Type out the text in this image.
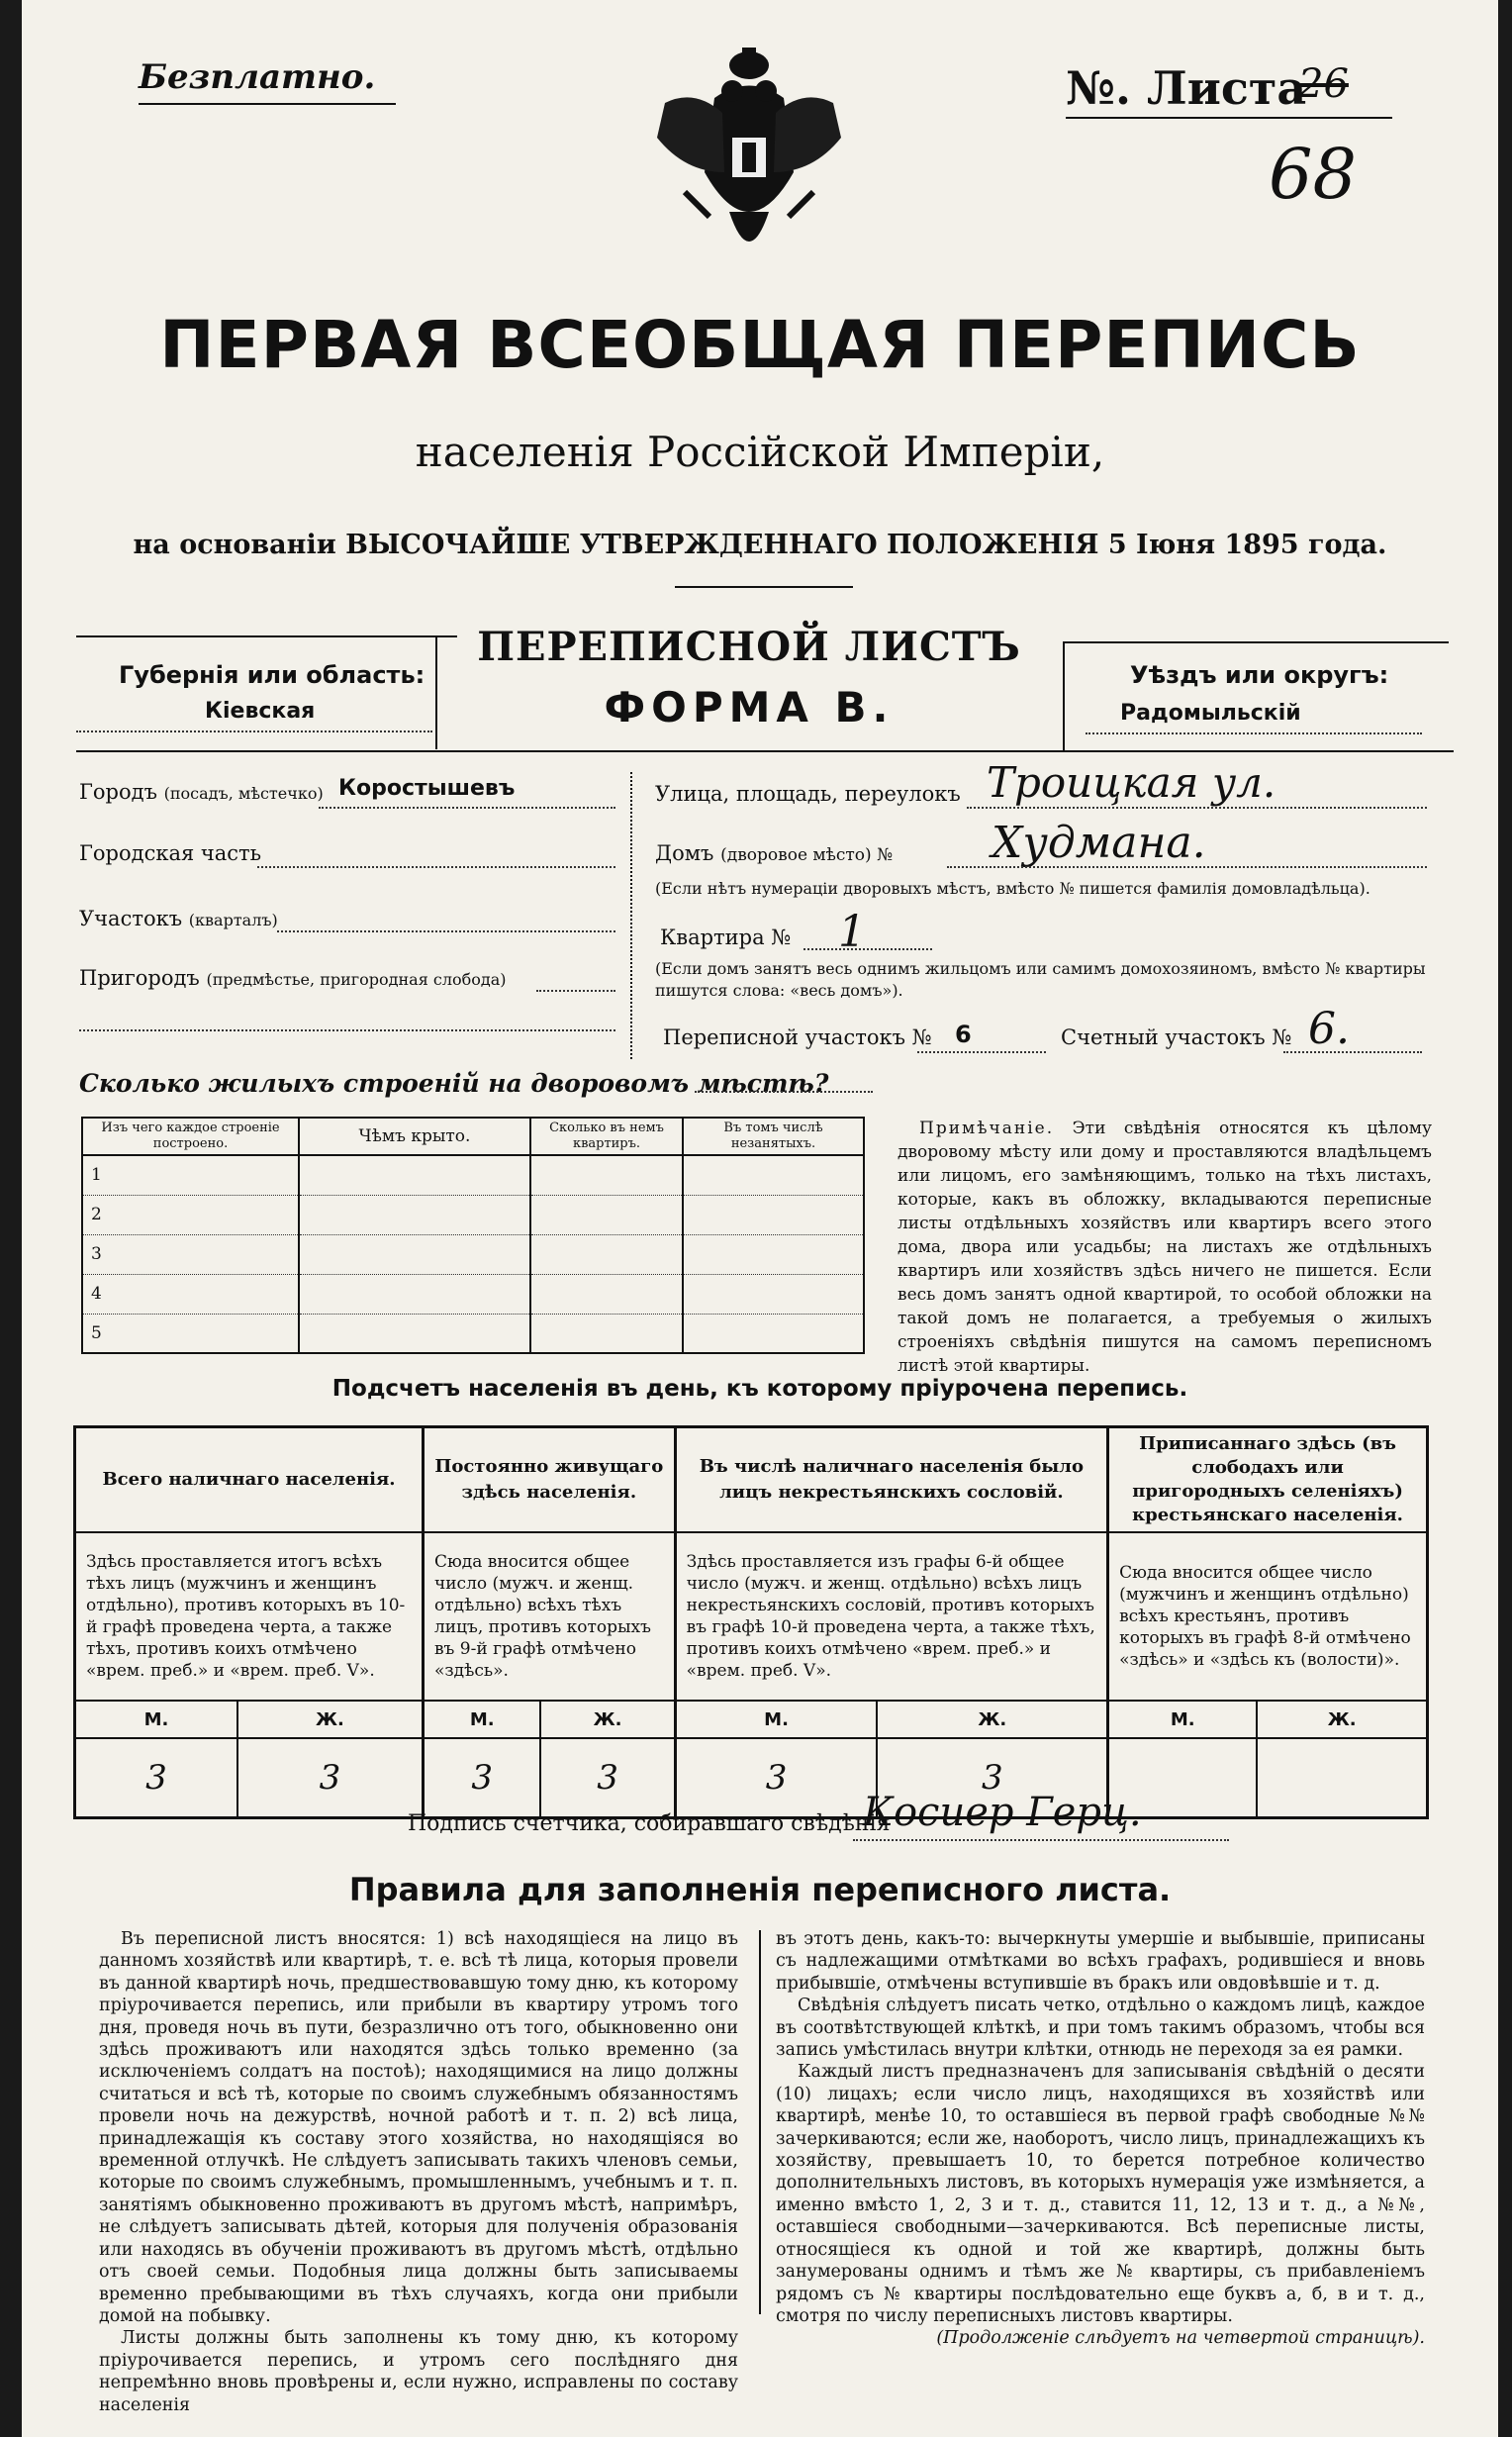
Безплатно.	№. Листа
26
68
ПЕРВАЯ ВСЕОБЩАЯ ПЕРЕПИСЬ
населенія Россійской Имперіи,
на основаніи ВЫСОЧАЙШЕ УТВЕРЖДЕННАГО ПОЛОЖЕНІЯ 5 Іюня 1895 года.
Губернія или область:
Кіевская
ПЕРЕПИСНОЙ ЛИСТЪ
ФОРМА В.
Уѣздъ или округъ:
Радомыльскій
Городъ (посадъ, мѣстечко) Коростышевъ
Городская часть
Участокъ (кварталъ)
Пригородъ (предмѣстье, пригородная слобода)
Улица, площадь, переулокъ Троицкая ул.
Домъ (дворовое мѣсто) № Худмана.
(Если нѣтъ нумераціи дворовыхъ мѣстъ, вмѣсто № пишется фамилія домовладѣльца).
Квартира № 1
(Если домъ занятъ весь однимъ жильцомъ или самимъ домохозяиномъ, вмѣсто № квартиры пишутся слова: «весь домъ»).
Переписной участокъ № 6	Счетный участокъ № 6.
Сколько жилыхъ строеній на дворовомъ мѣстѣ?
Изъ чего каждое строеніе построено.	Чѣмъ крыто.	Сколько въ немъ квартиръ.	Въ томъ числѣ незанятыхъ.
1			
2			
3			
4			
5			
Примѣчаніе. Эти свѣдѣнія относятся къ цѣлому дворовому мѣсту или дому и проставляются владѣльцемъ или лицомъ, его замѣняющимъ, только на тѣхъ листахъ, которые, какъ въ обложку, вкладываются переписные листы отдѣльныхъ хозяйствъ или квартиръ всего этого дома, двора или усадьбы; на листахъ же отдѣльныхъ квартиръ или хозяйствъ здѣсь ничего не пишется. Если весь домъ занятъ одной квартирой, то особой обложки на такой домъ не полагается, а требуемыя о жилыхъ строеніяхъ свѣдѣнія пишутся на самомъ переписномъ листѣ этой квартиры.
Подсчетъ населенія въ день, къ которому пріурочена перепись.
Всего наличнаго населенія.		Постоянно живущаго здѣсь населенія.		Въ числѣ наличнаго населенія было лицъ некрестьянскихъ сословій.		Приписаннаго здѣсь (въ слободахъ или пригородныхъ селеніяхъ) крестьянскаго населенія.	
Здѣсь проставляется итогъ всѣхъ тѣхъ лицъ (мужчинъ и женщинъ отдѣльно), противъ которыхъ въ 10-й графѣ проведена черта, а также тѣхъ, противъ коихъ отмѣчено «врем. преб.» и «врем. преб. V».		Сюда вносится общее число (мужч. и женщ. отдѣльно) всѣхъ тѣхъ лицъ, противъ которыхъ въ 9-й графѣ отмѣчено «здѣсь».		Здѣсь проставляется изъ графы 6-й общее число (мужч. и женщ. отдѣльно) всѣхъ лицъ некрестьянскихъ сословій, противъ которыхъ въ графѣ 10-й проведена черта, а также тѣхъ, противъ коихъ отмѣчено «врем. преб.» и «врем. преб. V».		Сюда вносится общее число (мужчинъ и женщинъ отдѣльно) всѣхъ крестьянъ, противъ которыхъ въ графѣ 8-й отмѣчено «здѣсь» и «здѣсь къ (волости)».	
М.	Ж.	М.	Ж.	М.	Ж.	М.	Ж.
3	3	3	3	3	3		
Подпись счетчика, собиравшаго свѣдѣнія
Косиер Герц.
Правила для заполненія переписного листа.
Въ переписной листъ вносятся: 1) всѣ находящіеся на лицо въ данномъ хозяйствѣ или квартирѣ, т. е. всѣ тѣ лица, которыя провели въ данной квартирѣ ночь, предшествовавшую тому дню, къ которому пріурочивается перепись, или прибыли въ квартиру утромъ того дня, проведя ночь въ пути, безразлично отъ того, обыкновенно они здѣсь проживаютъ или находятся здѣсь только временно (за исключеніемъ солдатъ на постоѣ); находящимися на лицо должны считаться и всѣ тѣ, которые по своимъ служебнымъ обязанностямъ провели ночь на дежурствѣ, ночной работѣ и т. п. 2) всѣ лица, принадлежащія къ составу этого хозяйства, но находящіяся во временной отлучкѣ. Не слѣдуетъ записывать такихъ членовъ семьи, которые по своимъ служебнымъ, промышленнымъ, учебнымъ и т. п. занятіямъ обыкновенно проживаютъ въ другомъ мѣстѣ, напримѣръ, не слѣдуетъ записывать дѣтей, которыя для полученія образованія или находясь въ обученіи проживаютъ въ другомъ мѣстѣ, отдѣльно отъ своей семьи. Подобныя лица должны быть записываемы временно пребывающими въ тѣхъ случаяхъ, когда они прибыли домой на побывку.
Листы должны быть заполнены къ тому дню, къ которому пріурочивается перепись, и утромъ сего послѣдняго дня непремѣнно вновь провѣрены и, если нужно, исправлены по составу населенія
въ этотъ день, какъ-то: вычеркнуты умершіе и выбывшіе, приписаны съ надлежащими отмѣтками во всѣхъ графахъ, родившіеся и вновь прибывшіе, отмѣчены вступившіе въ бракъ или овдовѣвшіе и т. д.
Свѣдѣнія слѣдуетъ писать четко, отдѣльно о каждомъ лицѣ, каждое въ соотвѣтствующей клѣткѣ, и при томъ такимъ образомъ, чтобы вся запись умѣстилась внутри клѣтки, отнюдь не переходя за ея рамки.
Каждый листъ предназначенъ для записыванія свѣдѣній о десяти (10) лицахъ; если число лицъ, находящихся въ хозяйствѣ или квартирѣ, менѣе 10, то оставшіеся въ первой графѣ свободные №№ зачеркиваются; если же, наоборотъ, число лицъ, принадлежащихъ къ хозяйству, превышаетъ 10, то берется потребное количество дополнительныхъ листовъ, въ которыхъ нумерація уже измѣняется, а именно вмѣсто 1, 2, 3 и т. д., ставится 11, 12, 13 и т. д., а №№, оставшіеся свободными—зачеркиваются. Всѣ переписные листы, относящіеся къ одной и той же квартирѣ, должны быть занумерованы однимъ и тѣмъ же № квартиры, съ прибавленіемъ рядомъ съ № квартиры послѣдовательно еще буквъ а, б, в и т. д., смотря по числу переписныхъ листовъ квартиры.
(Продолженіе слѣдуетъ на четвертой страницѣ).
